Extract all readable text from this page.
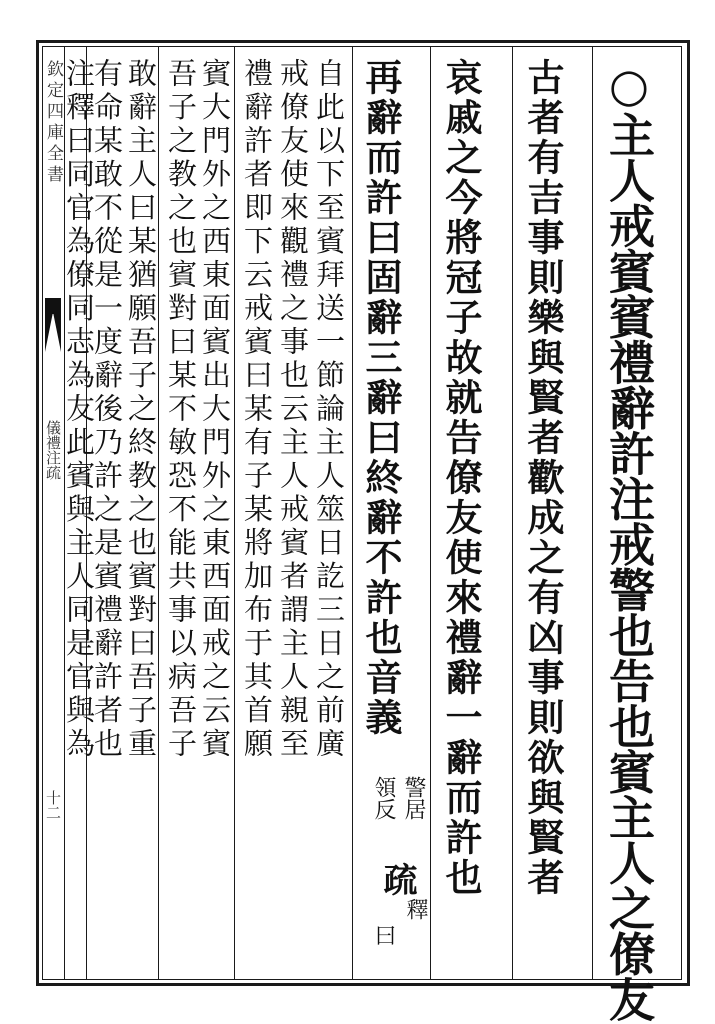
欽定四庫全書
儀禮注疏
十二	○主人戒賓賓禮辭許注戒警也告也賓主人之僚友
古者有吉事則樂與賢者歡成之有凶事則欲與賢者
哀戚之今將冠子故就告僚友使來禮辭一辭而許也
再辭而許曰固辭三辭曰終辭不許也音義
警居
領反
疏
釋
曰
自此以下至賓拜送一節論主人筮日訖三日之前廣
戒僚友使來觀禮之事也云主人戒賓者謂主人親至
禮辭許者即下云戒賓曰某有子某將加布于其首願
賓大門外之西東面賓出大門外之東西面戒之云賓
吾子之教之也賓對曰某不敏恐不能共事以病吾子
敢辭主人曰某猶願吾子之終教之也賓對曰吾子重
有命某敢不從是一度辭後乃許之是賓禮辭許者也
注釋曰同官為僚同志為友此賓與主人同是官與為
